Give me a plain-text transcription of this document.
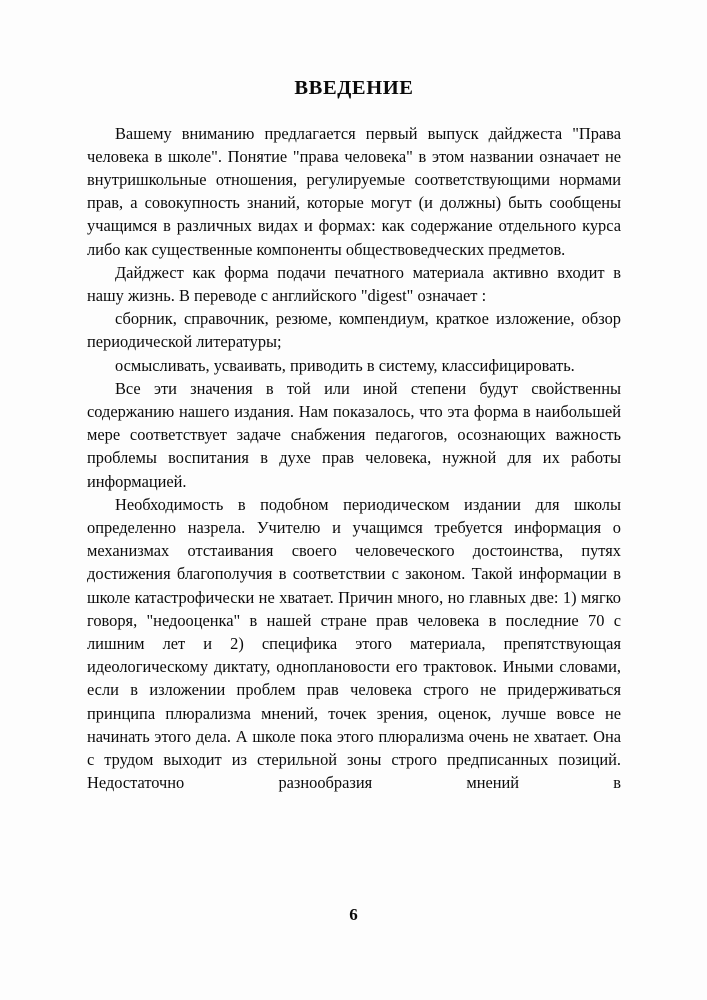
ВВЕДЕНИЕ

Вашему вниманию предлагается первый выпуск дайджеста "Права человека в школе". Понятие "права человека" в этом названии означает не внутришкольные отношения, регулируемые соответствующими нормами прав, а совокупность знаний, которые могут (и должны) быть сообщены учащимся в различных видах и формах: как содержание отдельного курса либо как существенные компоненты обществоведческих предметов.

Дайджест как форма подачи печатного материала активно входит в нашу жизнь. В переводе с английского "digest" означает :

сборник, справочник, резюме, компендиум, краткое изложение, обзор периодической литературы;

осмысливать, усваивать, приводить в систему, классифицировать.

Все эти значения в той или иной степени будут свойственны содержанию нашего издания. Нам показалось, что эта форма в наибольшей мере соответствует задаче снабжения педагогов, осознающих важность проблемы воспитания в духе прав человека, нужной для их работы информацией.

Необходимость в подобном периодическом издании для школы определенно назрела. Учителю и учащимся требуется информация о механизмах отстаивания своего человеческого достоинства, путях достижения благополучия в соответствии с законом. Такой информации в школе катастрофически не хватает. Причин много, но главных две: 1) мягко говоря, "недооценка" в нашей стране прав человека в последние 70 с лишним лет и 2) специфика этого материала, препятствующая идеологическому диктату, одноплановости его трактовок. Иными словами, если в изложении проблем прав человека строго не придерживаться принципа плюрализма мнений, точек зрения, оценок, лучше вовсе не начинать этого дела. А школе пока этого плюрализма очень не хватает. Она с трудом выходит из стерильной зоны строго предписанных позиций. Недостаточно разнообразия мнений в

6
